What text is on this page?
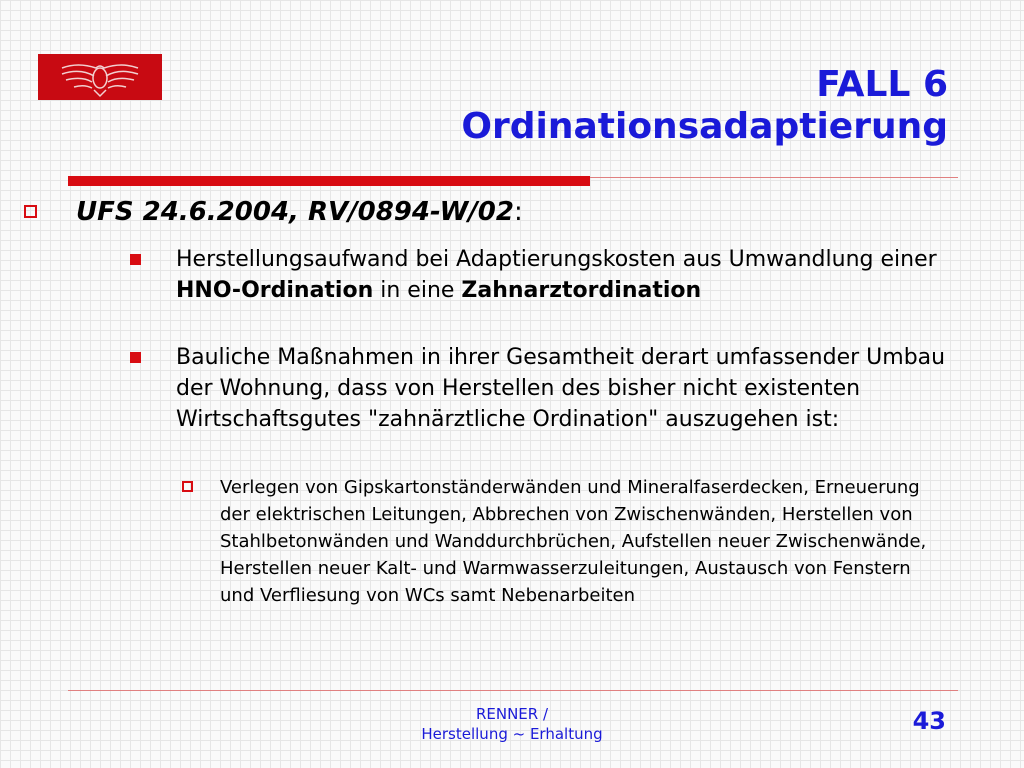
FALL 6
Ordinationsadaptierung
UFS 24.6.2004, RV/0894-W/02:
Herstellungsaufwand bei Adaptierungskosten aus Umwandlung einer HNO-Ordination in eine Zahnarztordination
Bauliche Maßnahmen in ihrer Gesamtheit derart umfassender Umbau der Wohnung, dass von Herstellen des bisher nicht existenten Wirtschaftsgutes "zahnärztliche Ordination" auszugehen ist:
Verlegen von Gipskartonständerwänden und Mineralfaserdecken, Erneuerung der elektrischen Leitungen, Abbrechen von Zwischenwänden, Herstellen von Stahlbetonwänden und Wanddurchbrüchen, Aufstellen neuer Zwischenwände, Herstellen neuer Kalt- und Warmwasserzuleitungen, Austausch von Fenstern und Verfliesung von WCs samt Nebenarbeiten
RENNER /
Herstellung ~ Erhaltung	43
